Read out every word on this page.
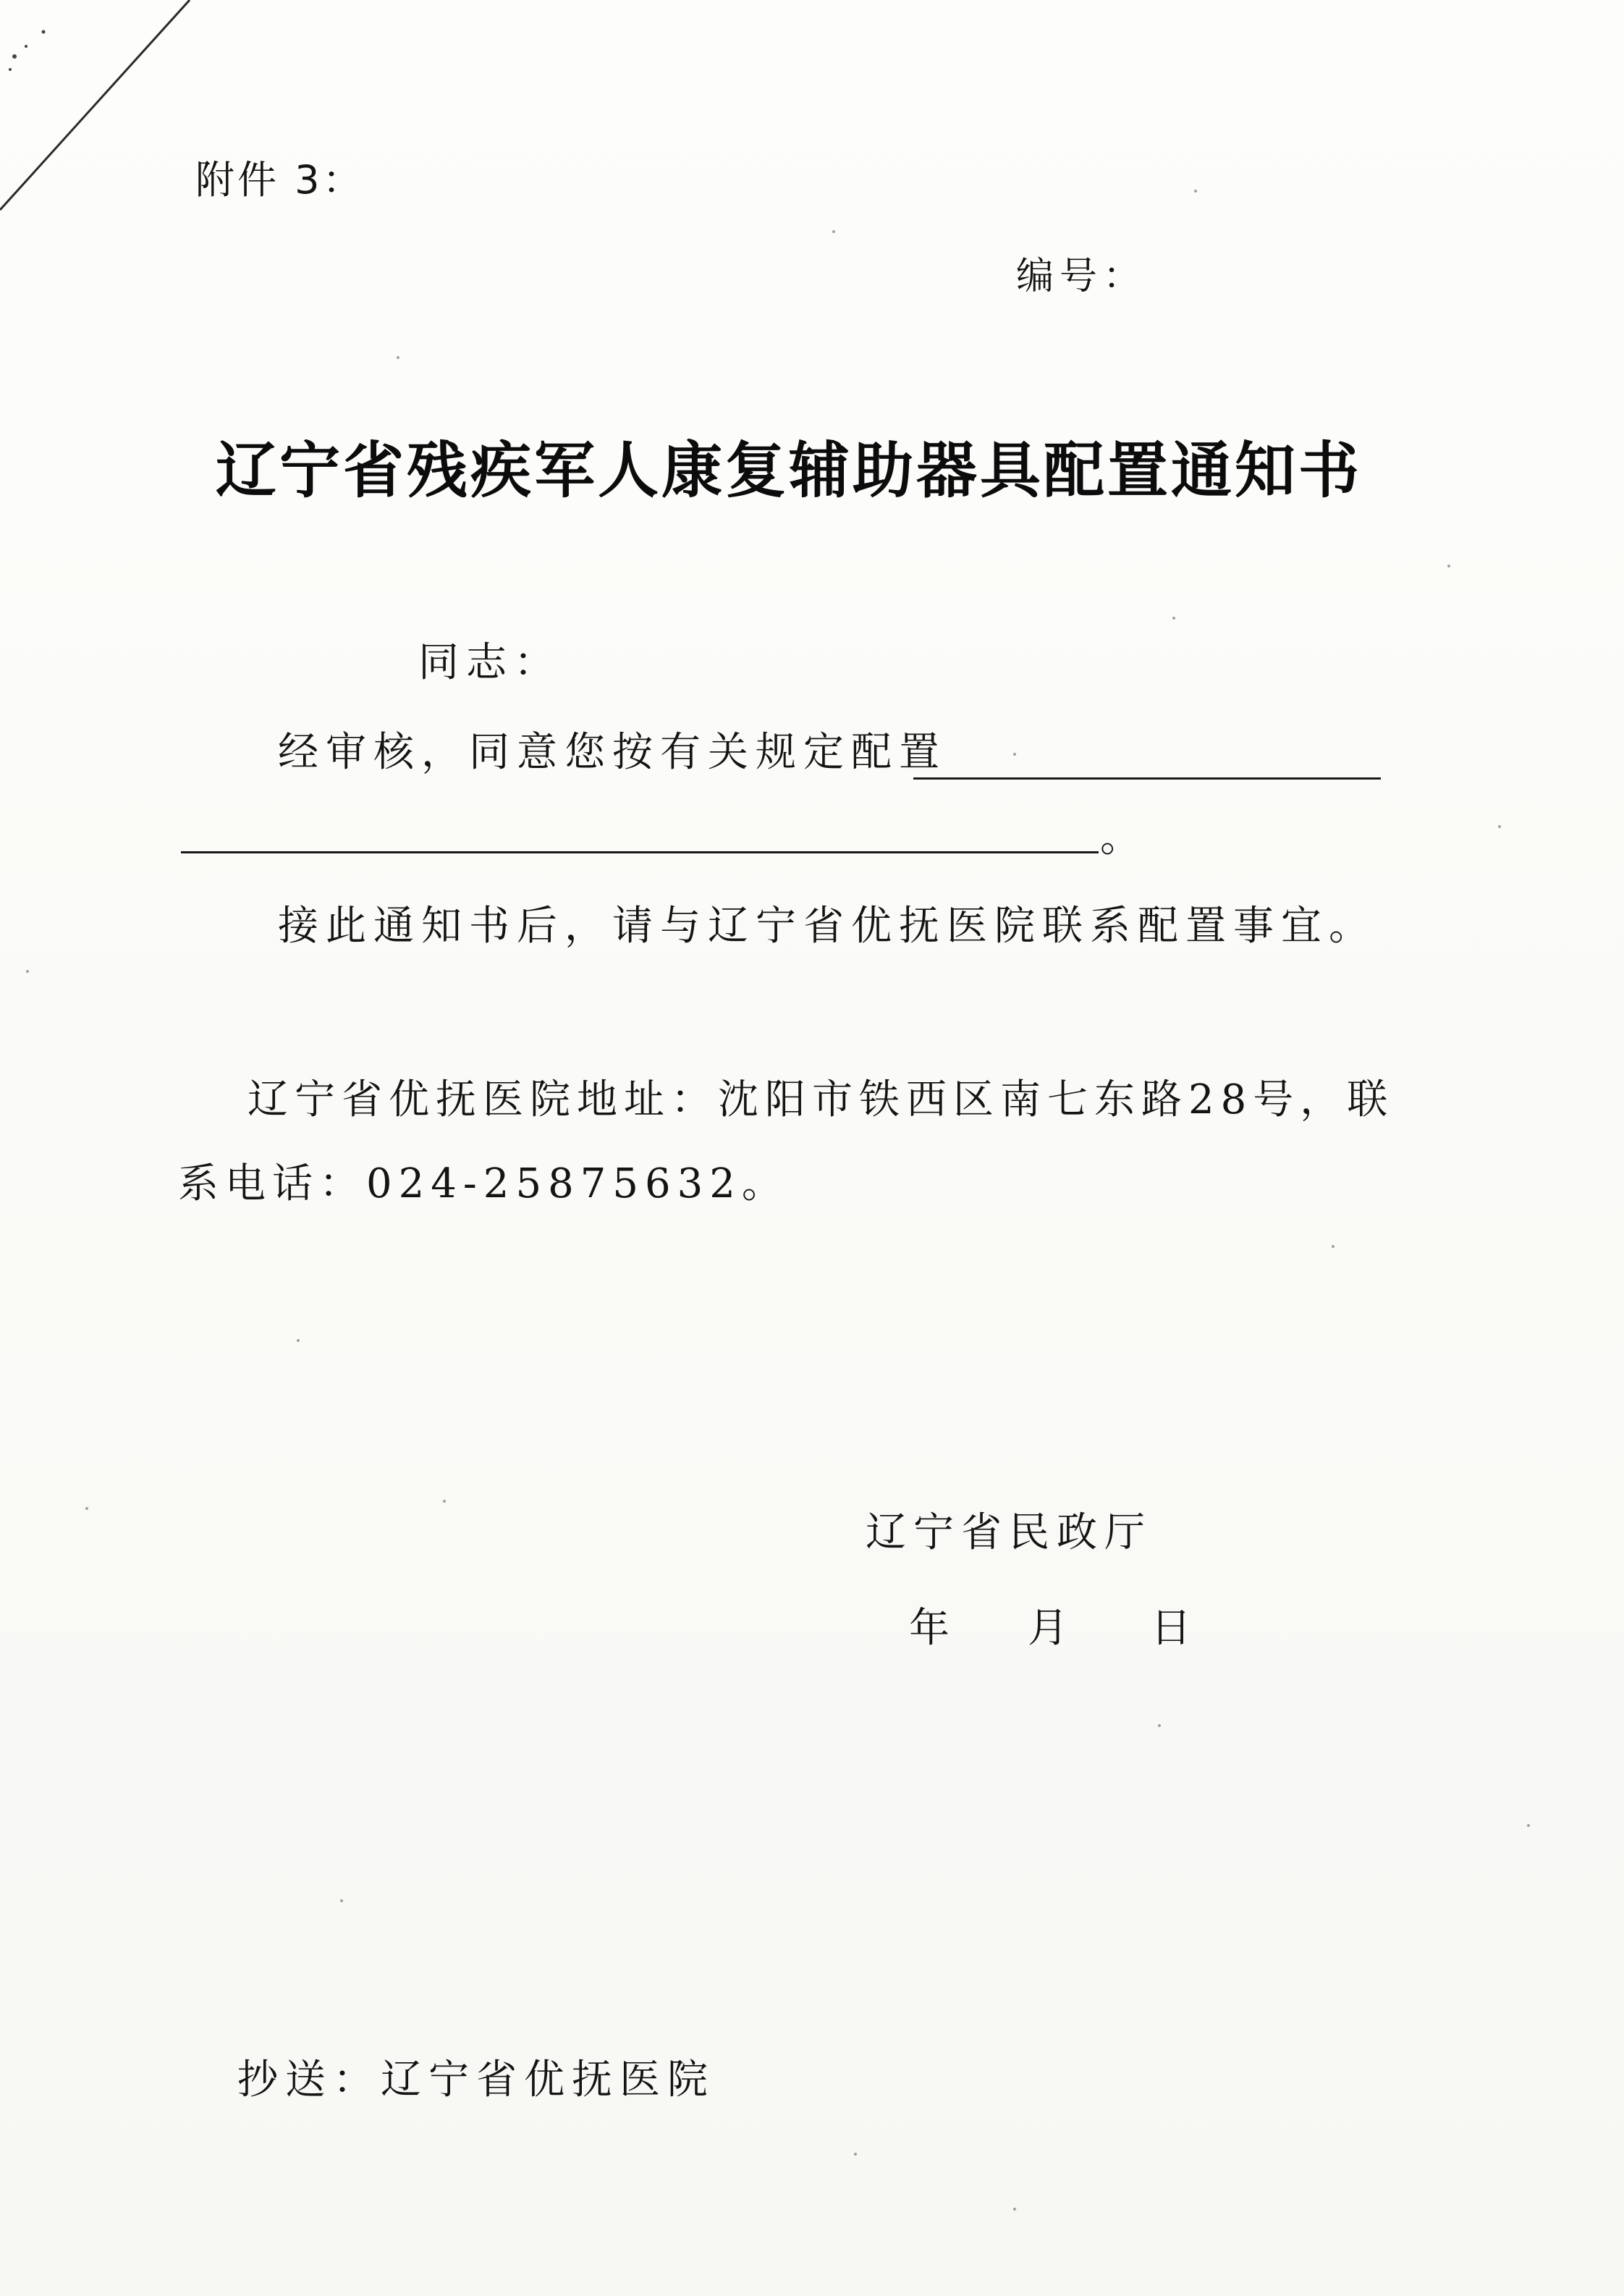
附件 3：
编号：
辽宁省残疾军人康复辅助器具配置通知书
同志：
经审核，同意您按有关规定配置
。
接此通知书后，请与辽宁省优抚医院联系配置事宜。
辽宁省优抚医院地址：沈阳市铁西区南七东路28号，联
系电话：024-25875632。
辽宁省民政厅
年 月 日
抄送：辽宁省优抚医院
